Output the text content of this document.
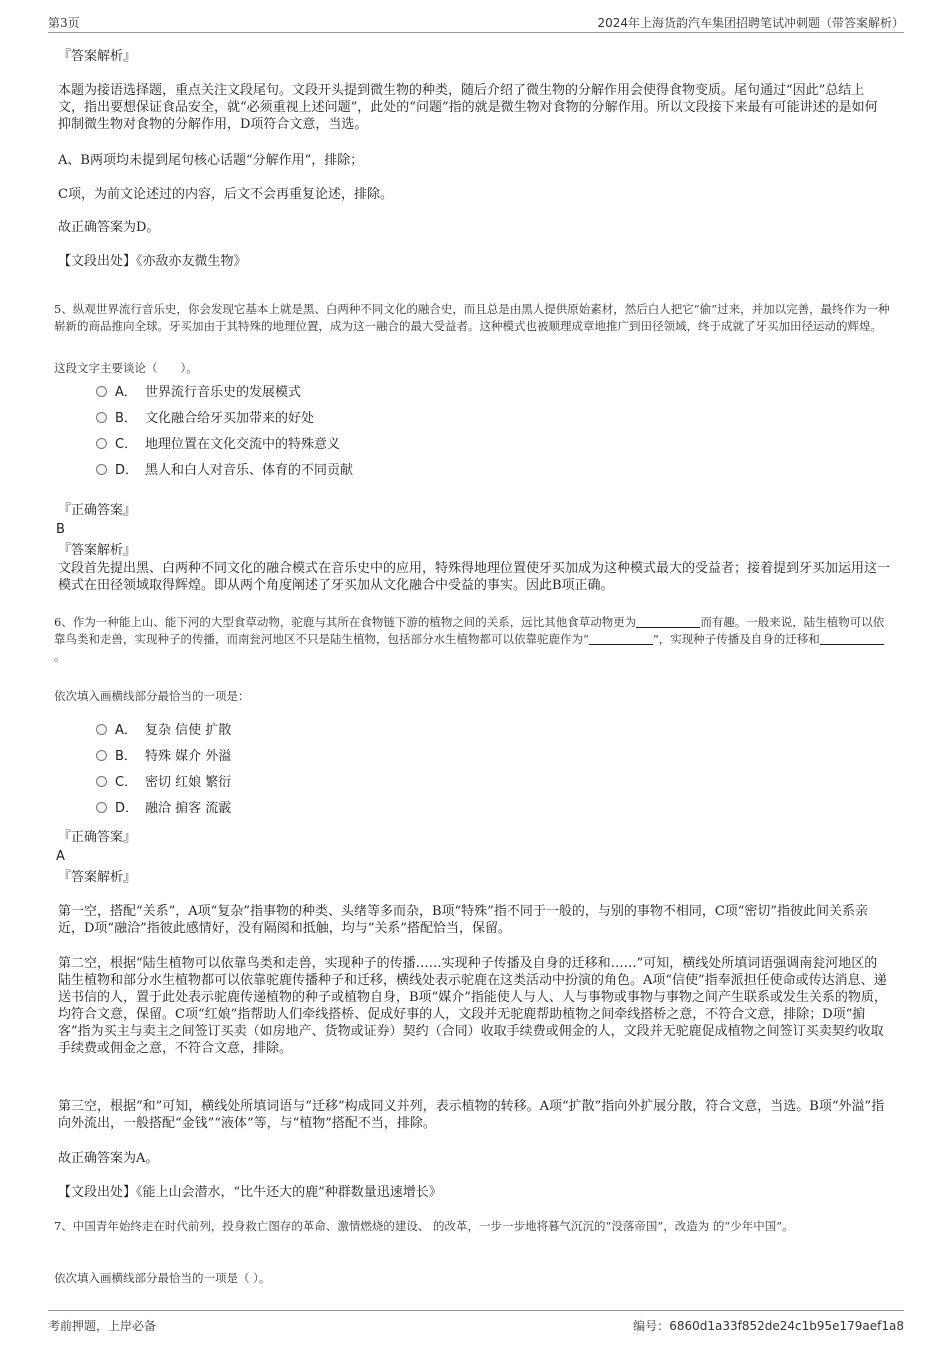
第3页	2024年上海货韵汽车集团招聘笔试冲刺题（带答案解析）
『答案解析』
本题为接语选择题，重点关注文段尾句。文段开头提到微生物的种类，随后介绍了微生物的分解作用会使得食物变质。尾句通过“因此”总结上文，指出要想保证食品安全，就“必须重视上述问题”，此处的“问题”指的就是微生物对食物的分解作用。所以文段接下来最有可能讲述的是如何抑制微生物对食物的分解作用，D项符合文意，当选。
A、B两项均未提到尾句核心话题“分解作用”，排除；
C项，为前文论述过的内容，后文不会再重复论述，排除。
故正确答案为D。
【文段出处】《亦敌亦友微生物》
5、纵观世界流行音乐史，你会发现它基本上就是黑、白两种不同文化的融合史，而且总是由黑人提供原始素材，然后白人把它“偷”过来，并加以完善，最终作为一种崭新的商品推向全球。牙买加由于其特殊的地理位置，成为这一融合的最大受益者。这种模式也被顺理成章地推广到田径领域，终于成就了牙买加田径运动的辉煌。
这段文字主要谈论（　　）。
A． 世界流行音乐史的发展模式
B． 文化融合给牙买加带来的好处
C． 地理位置在文化交流中的特殊意义
D． 黑人和白人对音乐、体育的不同贡献
『正确答案』
B
『答案解析』
文段首先提出黑、白两种不同文化的融合模式在音乐史中的应用，特殊得地理位置使牙买加成为这种模式最大的受益者；接着提到牙买加运用这一模式在田径领域取得辉煌。即从两个角度阐述了牙买加从文化融合中受益的事实。因此B项正确。
6、作为一种能上山、能下河的大型食草动物，驼鹿与其所在食物链下游的植物之间的关系，远比其他食草动物更为	而有趣。一般来说，陆生植物可以依靠鸟类和走兽，实现种子的传播，而南瓮河地区不只是陆生植物，包括部分水生植物都可以依靠驼鹿作为“	”，实现种子传播及自身的迁移和。
依次填入画横线部分最恰当的一项是：
A． 复杂 信使 扩散
B． 特殊 媒介 外溢
C． 密切 红娘 繁衍
D． 融洽 掮客 流霰
『正确答案』
A
『答案解析』
第一空，搭配“关系”，A项“复杂”指事物的种类、头绪等多而杂，B项“特殊”指不同于一般的，与别的事物不相同，C项“密切”指彼此间关系亲近，D项“融洽”指彼此感情好，没有隔阂和抵触，均与“关系”搭配恰当，保留。
第二空，根据“陆生植物可以依靠鸟类和走兽，实现种子的传播……实现种子传播及自身的迁移和……”可知，横线处所填词语强调南瓮河地区的陆生植物和部分水生植物都可以依靠驼鹿传播种子和迁移，横线处表示驼鹿在这类活动中扮演的角色。A项“信使”指奉派担任使命或传达消息、递送书信的人，置于此处表示驼鹿传递植物的种子或植物自身，B项“媒介”指能使人与人、人与事物或事物与事物之间产生联系或发生关系的物质，均符合文意，保留。C项“红娘”指帮助人们牵线搭桥、促成好事的人，文段并无驼鹿帮助植物之间牵线搭桥之意，不符合文意，排除；D项“掮客”指为买主与卖主之间签订买卖（如房地产、货物或证券）契约（合同）收取手续费或佣金的人，文段并无驼鹿促成植物之间签订买卖契约收取手续费或佣金之意，不符合文意，排除。
第三空，根据“和”可知，横线处所填词语与“迁移”构成同义并列，表示植物的转移。A项“扩散”指向外扩展分散，符合文意，当选。B项“外溢”指向外流出，一般搭配“金钱”“液体”等，与“植物”搭配不当，排除。
故正确答案为A。
【文段出处】《能上山会潜水，“比牛还大的鹿”种群数量迅速增长》
7、中国青年始终走在时代前列，投身救亡图存的革命、激情燃烧的建设、 的改革，一步一步地将暮气沉沉的“没落帝国”，改造为 的“少年中国”。
依次填入画横线部分最恰当的一项是（ ）。
考前押题，上岸必备	编号：6860d1a33f852de24c1b95e179aef1a8
